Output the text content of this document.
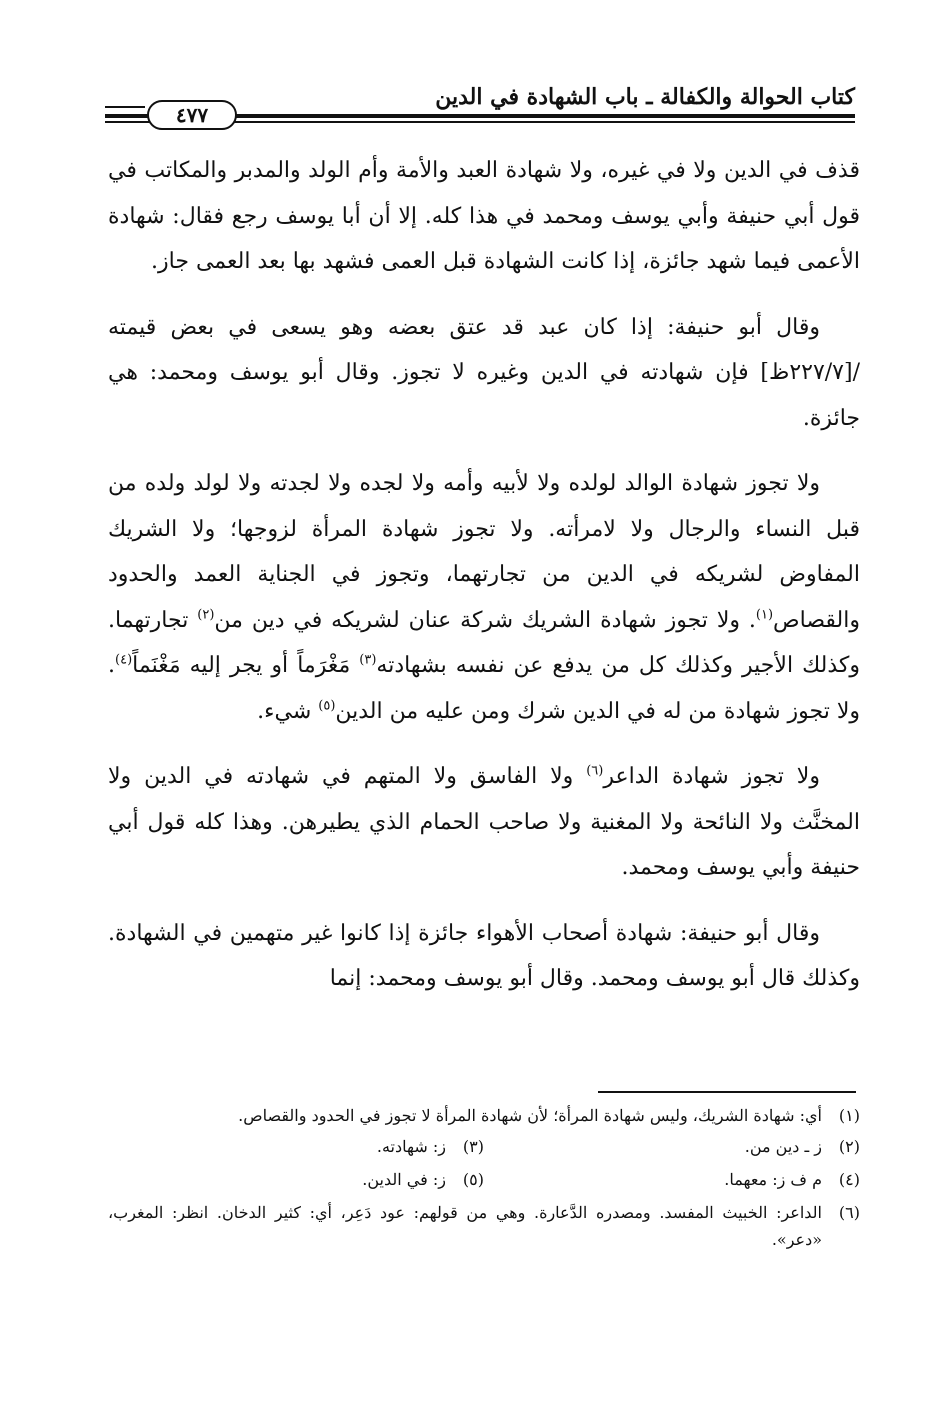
كتاب الحوالة والكفالة ـ باب الشهادة في الدين
٤٧٧

قذف في الدين ولا في غيره، ولا شهادة العبد والأمة وأم الولد والمدبر والمكاتب في قول أبي حنيفة وأبي يوسف ومحمد في هذا كله. إلا أن أبا يوسف رجع فقال: شهادة الأعمى فيما شهد جائزة، إذا كانت الشهادة قبل العمى فشهد بها بعد العمى جاز.

وقال أبو حنيفة: إذا كان عبد قد عتق بعضه وهو يسعى في بعض قيمته /[٢٢٧/٧ظ] فإن شهادته في الدين وغيره لا تجوز. وقال أبو يوسف ومحمد: هي جائزة.

ولا تجوز شهادة الوالد لولده ولا لأبيه وأمه ولا لجده ولا لجدته ولا لولد ولده من قبل النساء والرجال ولا لامرأته. ولا تجوز شهادة المرأة لزوجها؛ ولا الشريك المفاوض لشريكه في الدين من تجارتهما، وتجوز في الجناية العمد والحدود والقصاص$^{(١)}$. ولا تجوز شهادة الشريك شركة عنان لشريكه في دين من$^{(٢)}$ تجارتهما. وكذلك الأجير وكذلك كل من يدفع عن نفسه بشهادته$^{(٣)}$ مَغْرَماً أو يجر إليه مَغْنَماً$^{(٤)}$. ولا تجوز شهادة من له في الدين شرك ومن عليه من الدين$^{(٥)}$ شيء.

ولا تجوز شهادة الداعر$^{(٦)}$ ولا الفاسق ولا المتهم في شهادته في الدين ولا المخنَّث ولا النائحة ولا المغنية ولا صاحب الحمام الذي يطيرهن. وهذا كله قول أبي حنيفة وأبي يوسف ومحمد.

وقال أبو حنيفة: شهادة أصحاب الأهواء جائزة إذا كانوا غير متهمين في الشهادة. وكذلك قال أبو يوسف ومحمد. وقال أبو يوسف ومحمد: إنما

(١)
أي: شهادة الشريك، وليس شهادة المرأة؛ لأن شهادة المرأة لا تجوز في الحدود والقصاص.
(٢)
ز ـ دين من.
(٣)
ز: شهادته.
(٤)
م ف ز: معهما.
(٥)
ز: في الدين.
(٦)
الداعر: الخبيث المفسد. ومصدره الدَّعارة. وهي من قولهم: عود دَعِر، أي: كثير الدخان. انظر: المغرب، «دعر».
